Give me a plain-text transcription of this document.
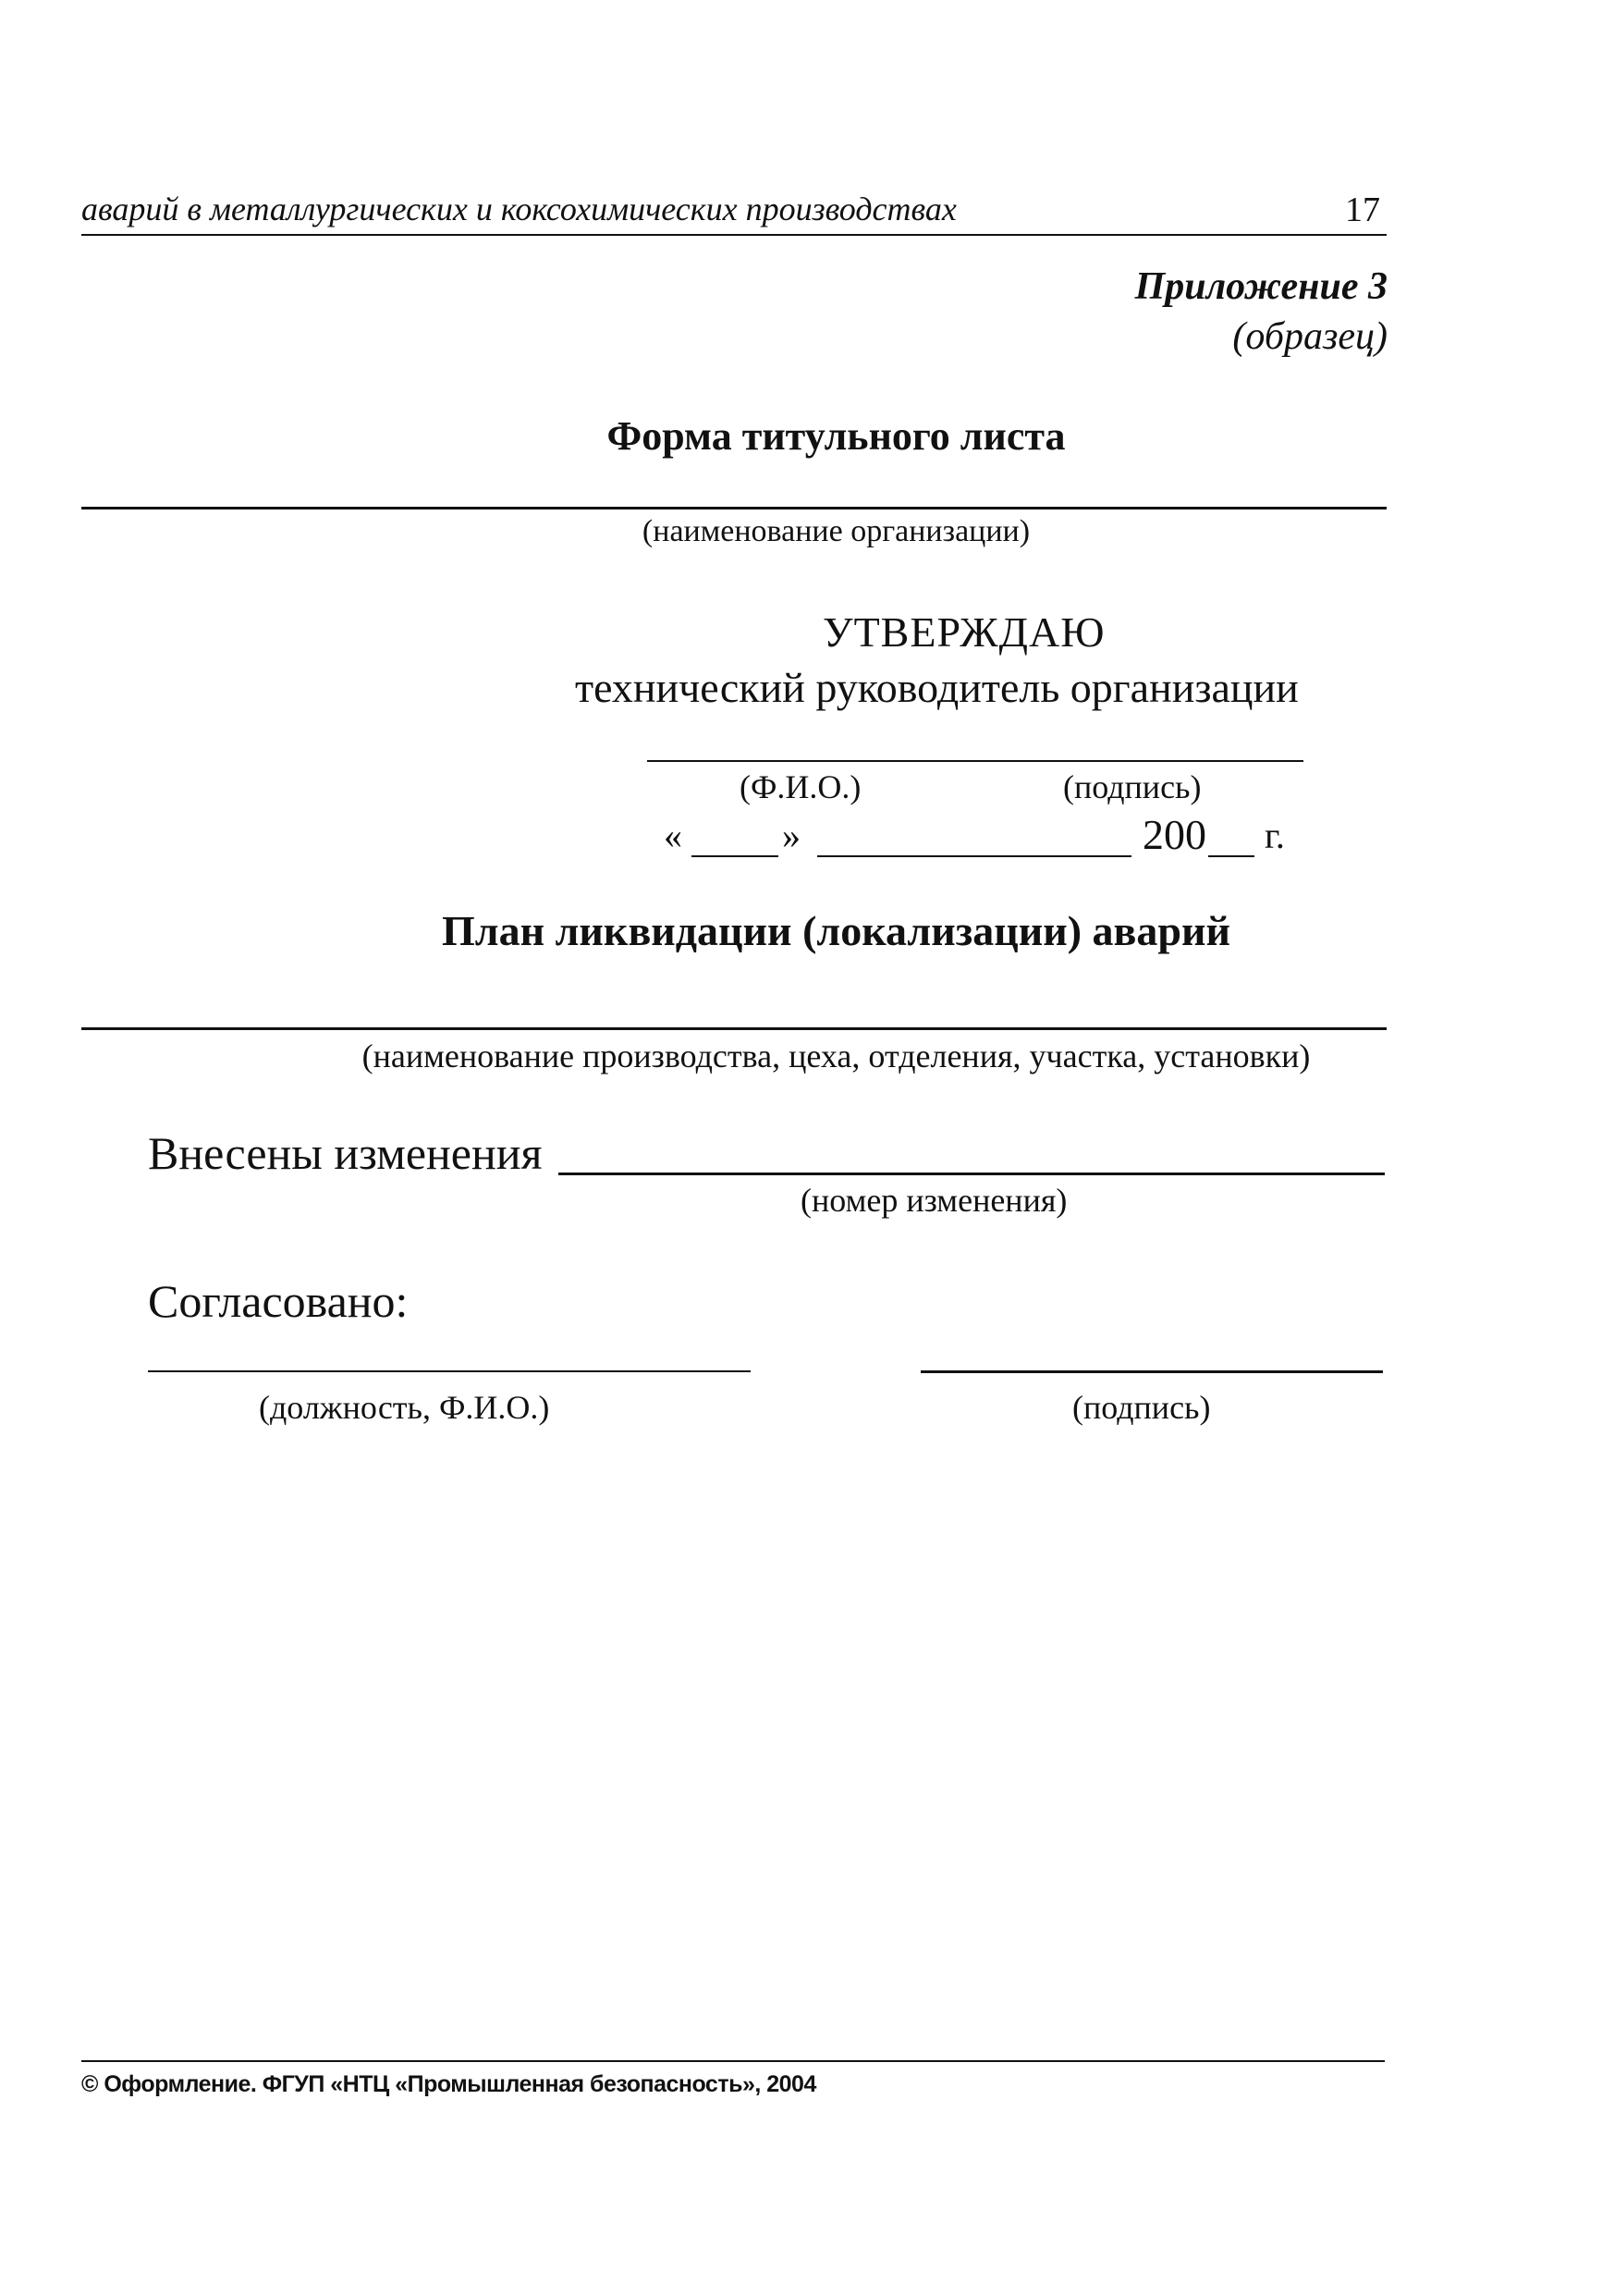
аварий в металлургических и коксохимических производствах	17
Приложение 3
(образец)
Форма титульного листа
(наименование организации)
УТВЕРЖДАЮ
технический руководитель организации
(Ф.И.О.)	(подпись)
«	»	200 г.
План ликвидации (локализации) аварий
(наименование производства, цеха, отделения, участка, установки)
Внесены изменения
(номер изменения)
Согласовано:
(должность, Ф.И.О.)	(подпись)
© Оформление. ФГУП «НТЦ «Промышленная безопасность», 2004
